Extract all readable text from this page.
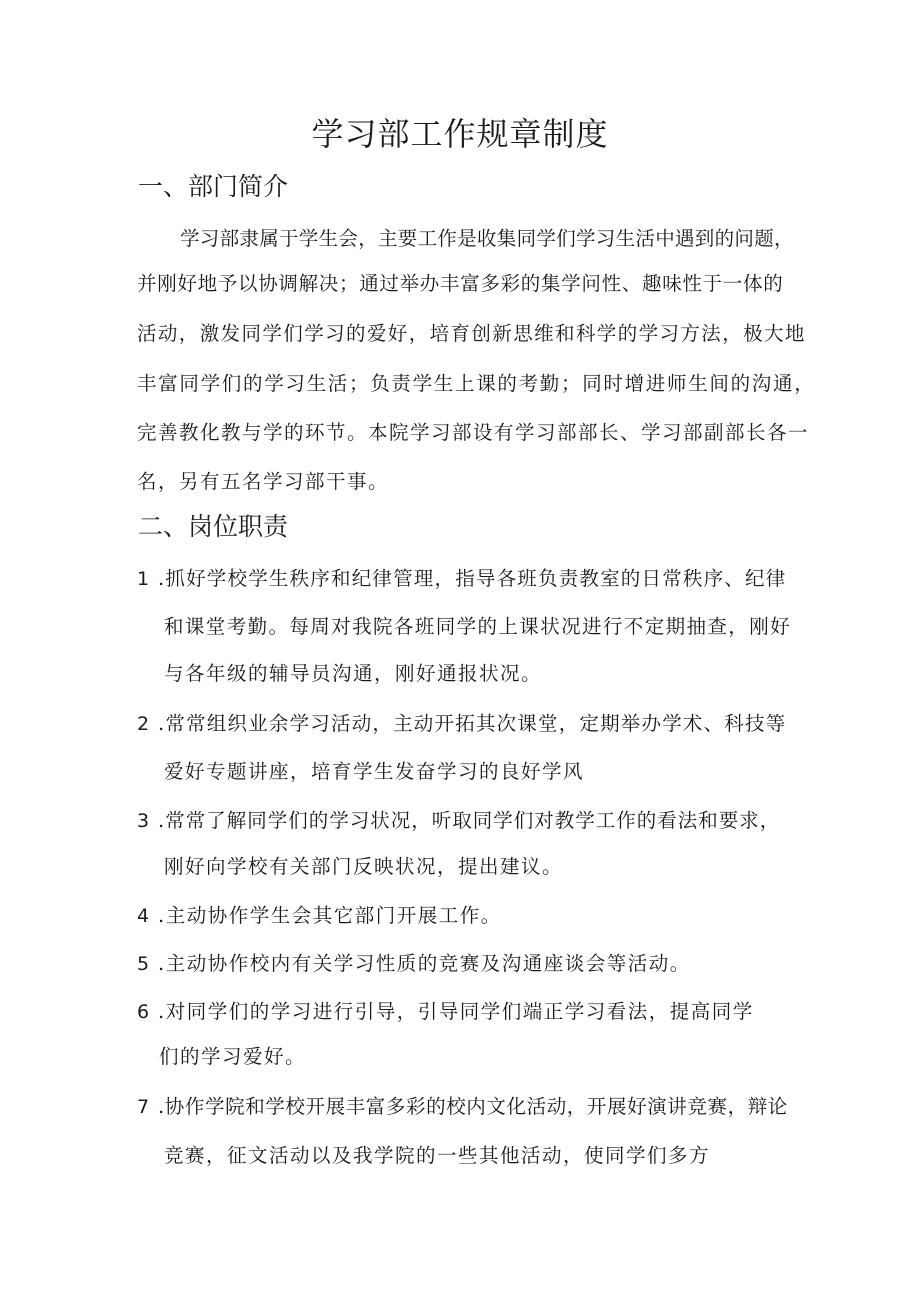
学习部工作规章制度
一、部门简介
学习部隶属于学生会，主要工作是收集同学们学习生活中遇到的问题，
并刚好地予以协调解决；通过举办丰富多彩的集学问性、趣味性于一体的
活动，激发同学们学习的爱好，培育创新思维和科学的学习方法，极大地
丰富同学们的学习生活；负责学生上课的考勤；同时增进师生间的沟通，
完善教化教与学的环节。本院学习部设有学习部部长、学习部副部长各一
名，另有五名学习部干事。
二、岗位职责
1 .抓好学校学生秩序和纪律管理，指导各班负责教室的日常秩序、纪律
和课堂考勤。每周对我院各班同学的上课状况进行不定期抽查，刚好
与各年级的辅导员沟通，刚好通报状况。
2 .常常组织业余学习活动，主动开拓其次课堂，定期举办学术、科技等
爱好专题讲座，培育学生发奋学习的良好学风
3 .常常了解同学们的学习状况，听取同学们对教学工作的看法和要求，
刚好向学校有关部门反映状况，提出建议。
4 .主动协作学生会其它部门开展工作。
5 .主动协作校内有关学习性质的竞赛及沟通座谈会等活动。
6 .对同学们的学习进行引导，引导同学们端正学习看法，提高同学
们的学习爱好。
7 .协作学院和学校开展丰富多彩的校内文化活动，开展好演讲竞赛，辩论
竞赛，征文活动以及我学院的一些其他活动，使同学们多方
